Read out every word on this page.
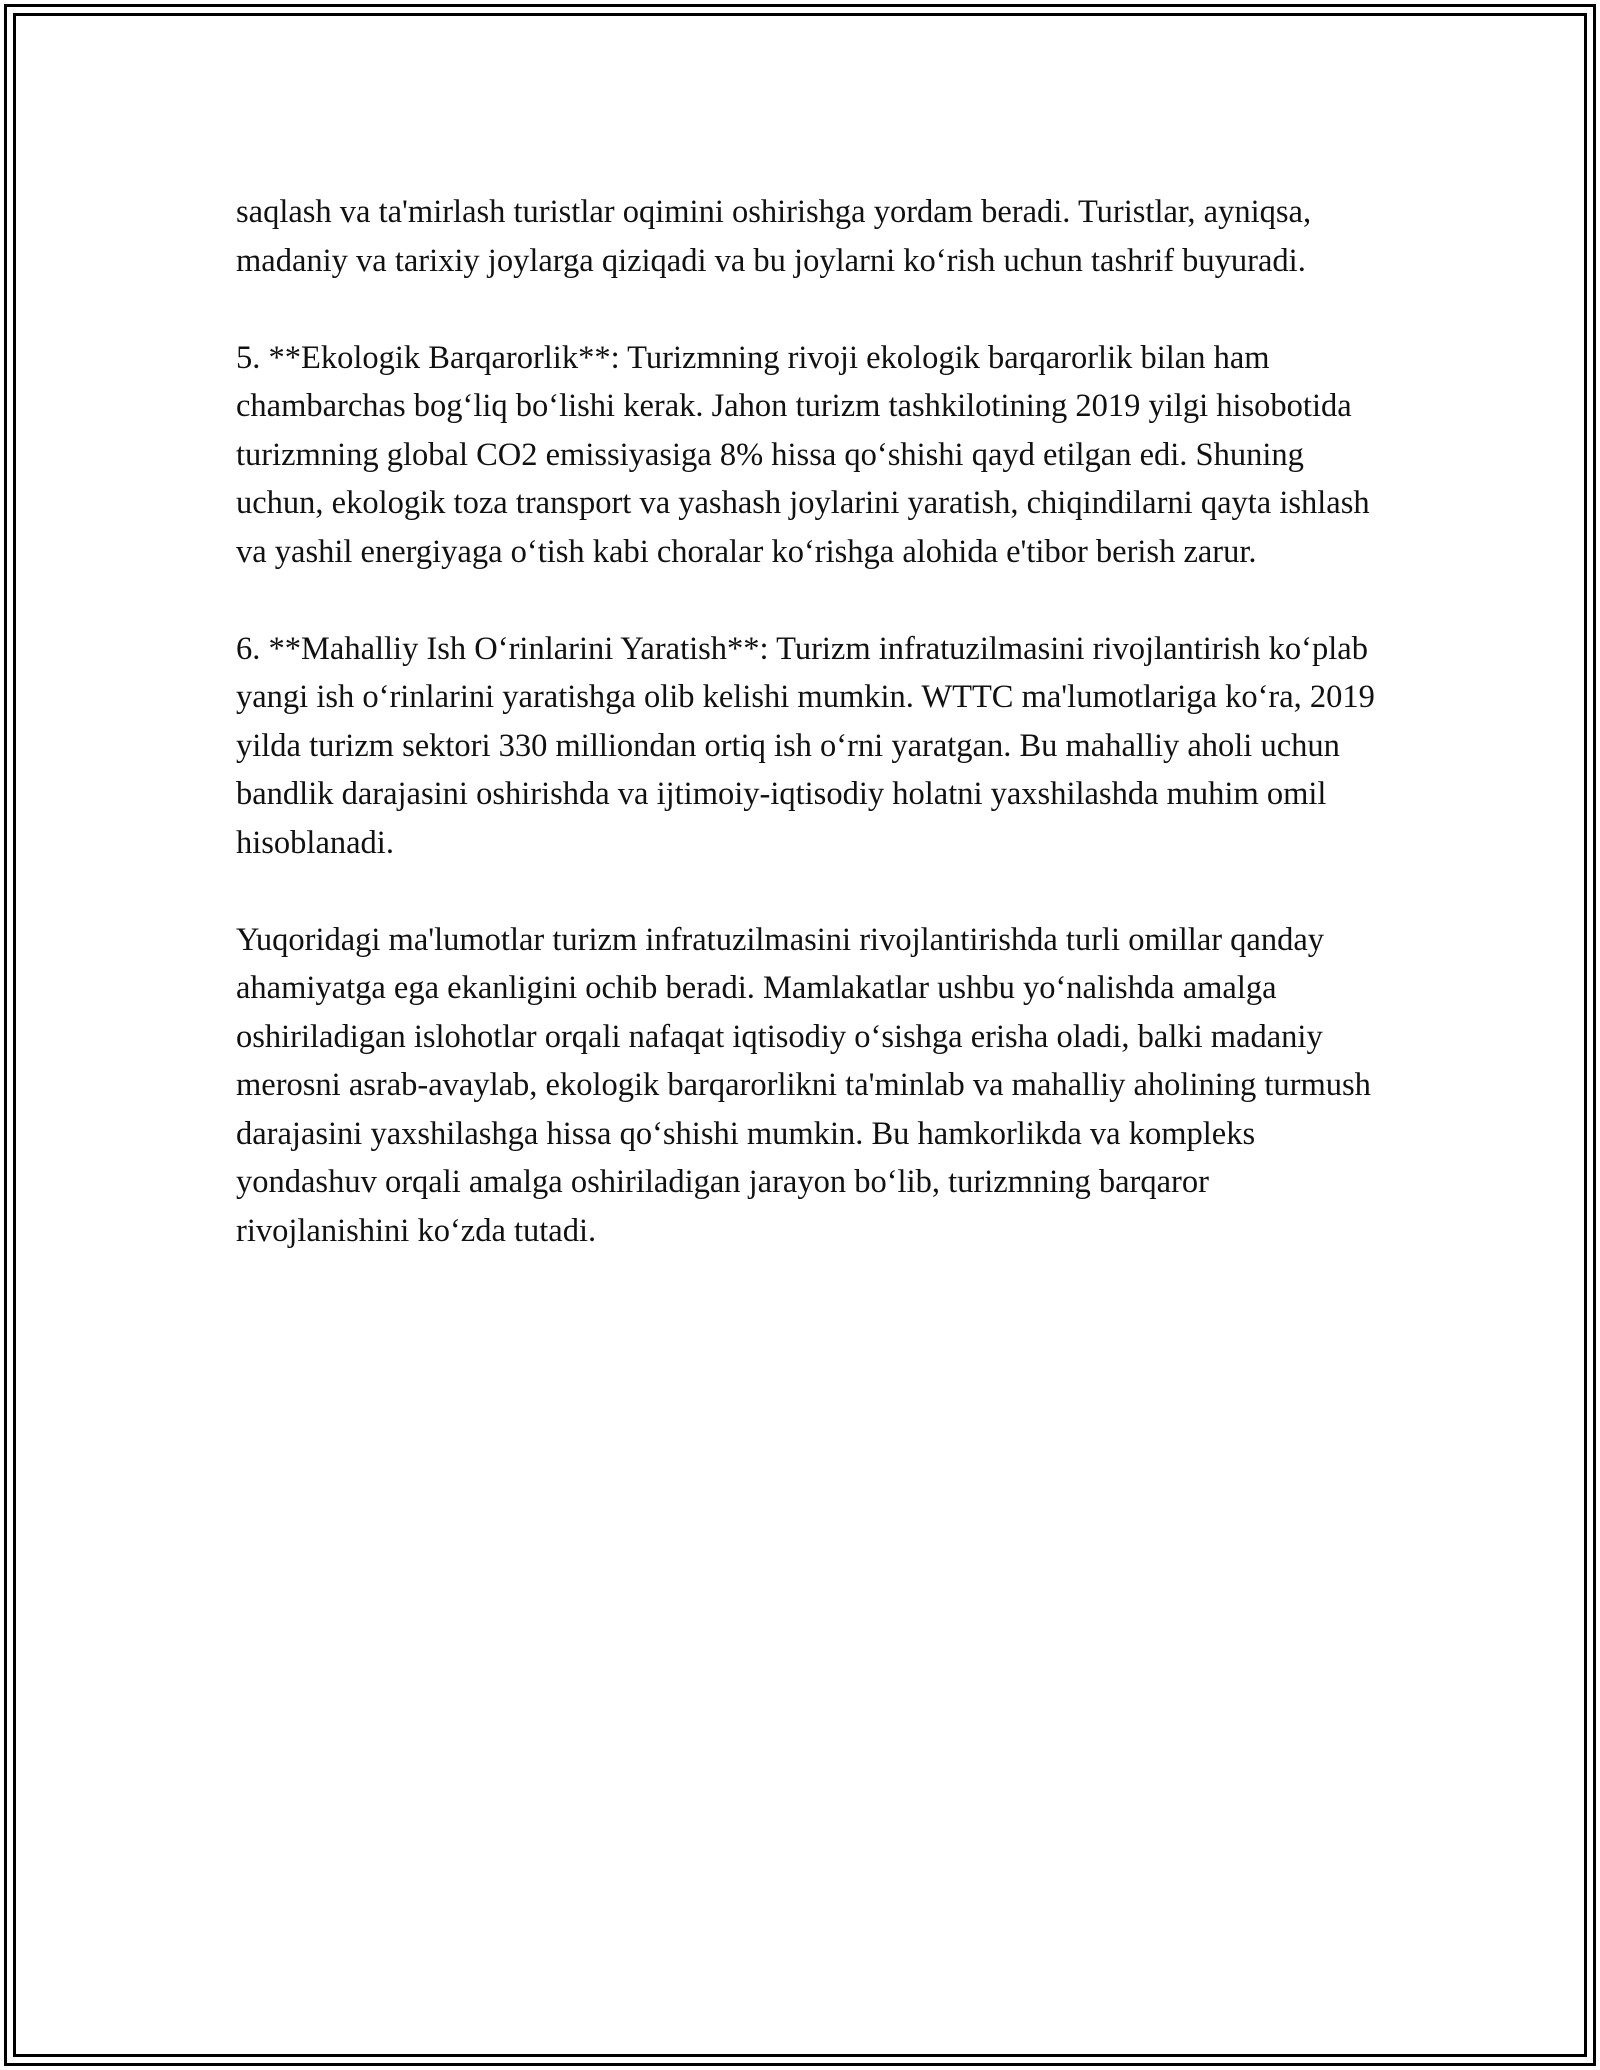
saqlash va ta'mirlash turistlar oqimini oshirishga yordam beradi. Turistlar, ayniqsa, madaniy va tarixiy joylarga qiziqadi va bu joylarni ko‘rish uchun tashrif buyuradi.

5. **Ekologik Barqarorlik**: Turizmning rivoji ekologik barqarorlik bilan ham chambarchas bog‘liq bo‘lishi kerak. Jahon turizm tashkilotining 2019 yilgi hisobotida turizmning global CO2 emissiyasiga 8% hissa qo‘shishi qayd etilgan edi. Shuning uchun, ekologik toza transport va yashash joylarini yaratish, chiqindilarni qayta ishlash va yashil energiyaga o‘tish kabi choralar ko‘rishga alohida e'tibor berish zarur.

6. **Mahalliy Ish O‘rinlarini Yaratish**: Turizm infratuzilmasini rivojlantirish ko‘plab yangi ish o‘rinlarini yaratishga olib kelishi mumkin. WTTC ma'lumotlariga ko‘ra, 2019 yilda turizm sektori 330 milliondan ortiq ish o‘rni yaratgan. Bu mahalliy aholi uchun bandlik darajasini oshirishda va ijtimoiy-iqtisodiy holatni yaxshilashda muhim omil hisoblanadi.

Yuqoridagi ma'lumotlar turizm infratuzilmasini rivojlantirishda turli omillar qanday ahamiyatga ega ekanligini ochib beradi. Mamlakatlar ushbu yo‘nalishda amalga oshiriladigan islohotlar orqali nafaqat iqtisodiy o‘sishga erisha oladi, balki madaniy merosni asrab-avaylab, ekologik barqarorlikni ta'minlab va mahalliy aholining turmush darajasini yaxshilashga hissa qo‘shishi mumkin. Bu hamkorlikda va kompleks yondashuv orqali amalga oshiriladigan jarayon bo‘lib, turizmning barqaror rivojlanishini ko‘zda tutadi.
